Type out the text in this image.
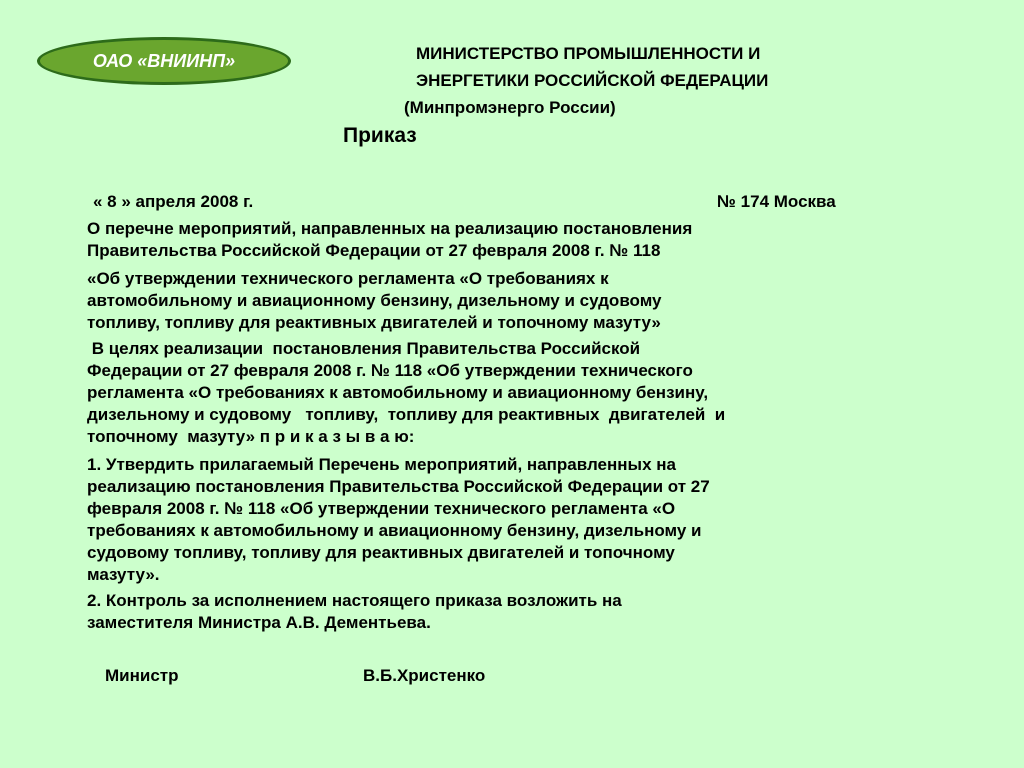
ОАО «ВНИИНП»	МИНИСТЕРСТВО ПРОМЫШЛЕННОСТИ И
ЭНЕРГЕТИКИ РОССИЙСКОЙ ФЕДЕРАЦИИ
(Минпромэнерго России)
Приказ
« 8 » апреля 2008 г.	№ 174 Москва
О перечне мероприятий, направленных на реализацию постановления
Правительства Российской Федерации от 27 февраля 2008 г. № 118
«Об утверждении технического регламента «О требованиях к
автомобильному и авиационному бензину, дизельному и судовому
топливу, топливу для реактивных двигателей и топочному мазуту»
В целях реализации  постановления Правительства Российской
Федерации от 27 февраля 2008 г. № 118 «Об утверждении технического
регламента «О требованиях к автомобильному и авиационному бензину,
дизельному и судовому   топливу,  топливу для реактивных  двигателей  и
топочному  мазуту» п р и к а з ы в а ю:
1. Утвердить прилагаемый Перечень мероприятий, направленных на
реализацию постановления Правительства Российской Федерации от 27
февраля 2008 г. № 118 «Об утверждении технического регламента «О
требованиях к автомобильному и авиационному бензину, дизельному и
судовому топливу, топливу для реактивных двигателей и топочному
мазуту».
2. Контроль за исполнением настоящего приказа возложить на
заместителя Министра А.В. Дементьева.
Министр	В.Б.Христенко
